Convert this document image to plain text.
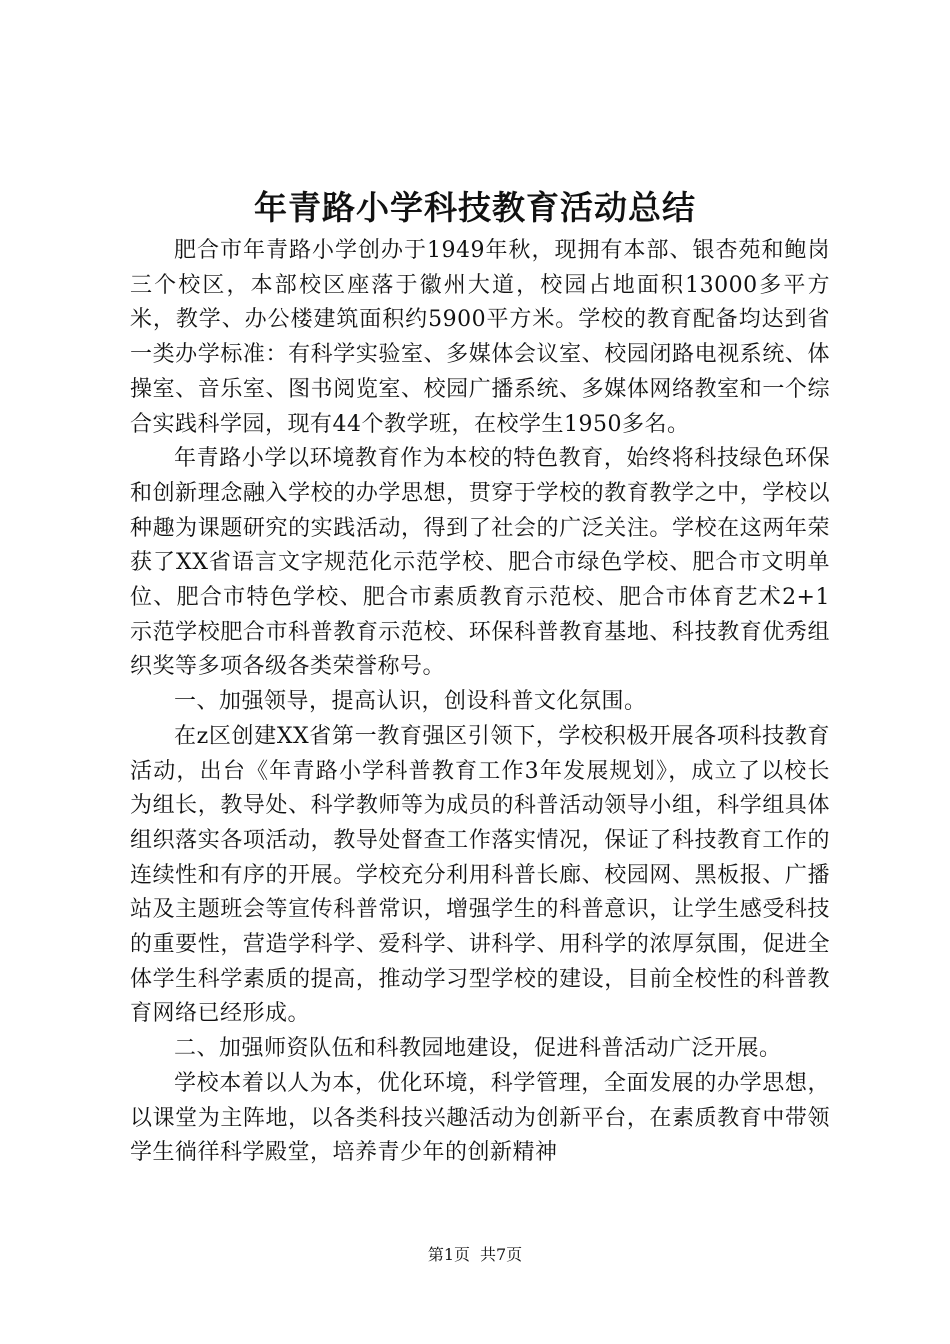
年青路小学科技教育活动总结

肥合市年青路小学创办于1949年秋，现拥有本部、银杏苑和鲍岗三个校区，本部校区座落于徽州大道，校园占地面积13000多平方米，教学、办公楼建筑面积约5900平方米。学校的教育配备均达到省一类办学标准：有科学实验室、多媒体会议室、校园闭路电视系统、体操室、音乐室、图书阅览室、校园广播系统、多媒体网络教室和一个综合实践科学园，现有44个教学班，在校学生1950多名。

年青路小学以环境教育作为本校的特色教育，始终将科技绿色环保和创新理念融入学校的办学思想，贯穿于学校的教育教学之中，学校以种趣为课题研究的实践活动，得到了社会的广泛关注。学校在这两年荣获了XX省语言文字规范化示范学校、肥合市绿色学校、肥合市文明单位、肥合市特色学校、肥合市素质教育示范校、肥合市体育艺术2+1示范学校肥合市科普教育示范校、环保科普教育基地、科技教育优秀组织奖等多项各级各类荣誉称号。

一、加强领导，提高认识，创设科普文化氛围。

在z区创建XX省第一教育强区引领下，学校积极开展各项科技教育活动，出台《年青路小学科普教育工作3年发展规划》，成立了以校长为组长，教导处、科学教师等为成员的科普活动领导小组，科学组具体组织落实各项活动，教导处督查工作落实情况，保证了科技教育工作的连续性和有序的开展。学校充分利用科普长廊、校园网、黑板报、广播站及主题班会等宣传科普常识，增强学生的科普意识，让学生感受科技的重要性，营造学科学、爱科学、讲科学、用科学的浓厚氛围，促进全体学生科学素质的提高，推动学习型学校的建设，目前全校性的科普教育网络已经形成。

二、加强师资队伍和科教园地建设，促进科普活动广泛开展。

学校本着以人为本，优化环境，科学管理，全面发展的办学思想，以课堂为主阵地，以各类科技兴趣活动为创新平台，在素质教育中带领学生徜徉科学殿堂，培养青少年的创新精神

第1页 共7页
